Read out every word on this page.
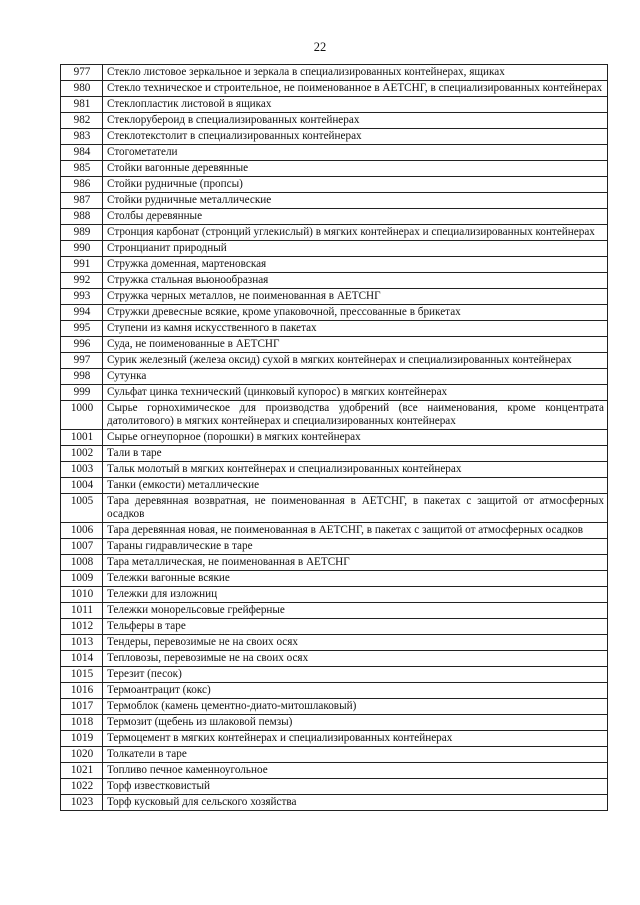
22
977	Стекло листовое зеркальное и зеркала в специализированных контейнерах, ящиках
980	Стекло техническое и строительное, не поименованное в АЕТСНГ, в специализированных контейнерах
981	Стеклопластик листовой в ящиках
982	Стеклорубероид в специализированных контейнерах
983	Стеклотекстолит в специализированных контейнерах
984	Стогометатели
985	Стойки вагонные деревянные
986	Стойки рудничные (пропсы)
987	Стойки рудничные металлические
988	Столбы деревянные
989	Стронция карбонат (стронций углекислый) в мягких контейнерах и специализированных контейнерах
990	Стронцианит природный
991	Стружка доменная, мартеновская
992	Стружка стальная вьюнообразная
993	Стружка черных металлов, не поименованная в АЕТСНГ
994	Стружки древесные всякие, кроме упаковочной, прессованные в брикетах
995	Ступени из камня искусственного в пакетах
996	Суда, не поименованные в АЕТСНГ
997	Сурик железный (железа оксид) сухой в мягких контейнерах и специализированных контейнерах
998	Сутунка
999	Сульфат цинка технический (цинковый купорос) в мягких контейнерах
1000	Сырье горнохимическое для производства удобрений (все наименования, кроме концентрата датолитового) в мягких контейнерах и специализированных контейнерах
1001	Сырье огнеупорное (порошки) в мягких контейнерах
1002	Тали в таре
1003	Тальк молотый в мягких контейнерах и специализированных контейнерах
1004	Танки (емкости) металлические
1005	Тара деревянная возвратная, не поименованная в АЕТСНГ, в пакетах с защитой от атмосферных осадков
1006	Тара деревянная новая, не поименованная в АЕТСНГ, в пакетах с защитой от атмосферных осадков
1007	Тараны гидравлические в таре
1008	Тара металлическая, не поименованная в АЕТСНГ
1009	Тележки вагонные всякие
1010	Тележки для изложниц
1011	Тележки монорельсовые грейферные
1012	Тельферы в таре
1013	Тендеры, перевозимые не на своих осях
1014	Тепловозы, перевозимые не на своих осях
1015	Терезит (песок)
1016	Термоантрацит (кокс)
1017	Термоблок (камень цементно-диато-митошлаковый)
1018	Термозит (щебень из шлаковой пемзы)
1019	Термоцемент в мягких контейнерах и специализированных контейнерах
1020	Толкатели в таре
1021	Топливо печное каменноугольное
1022	Торф известковистый
1023	Торф кусковый для сельского хозяйства
